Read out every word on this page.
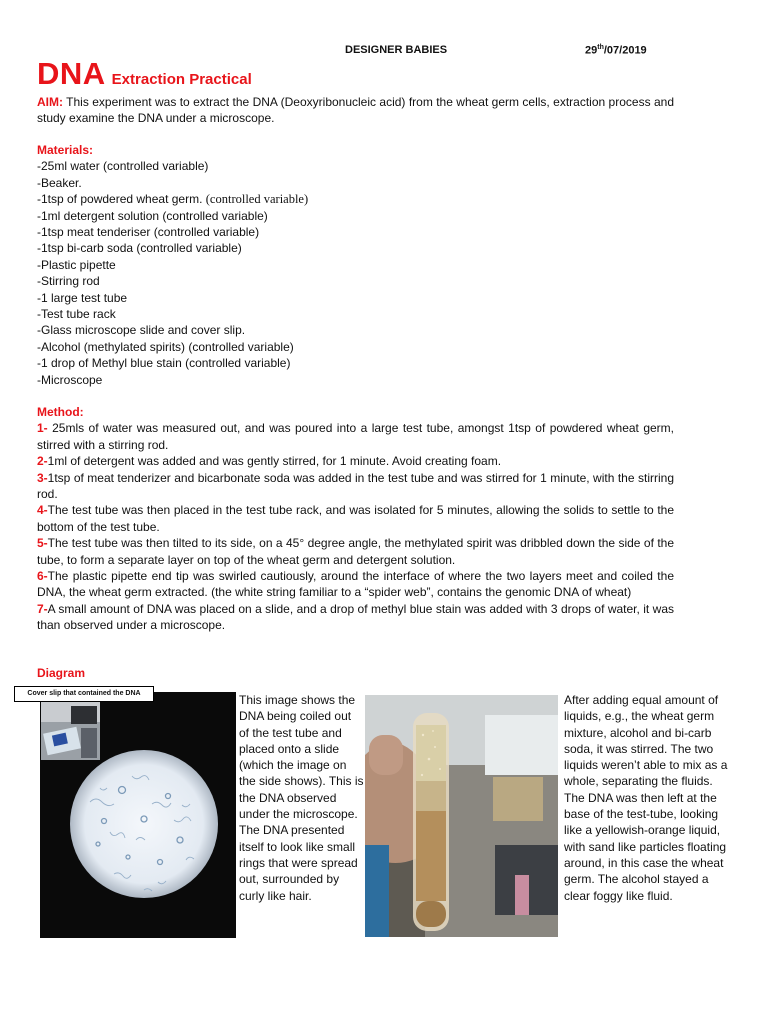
DESIGNER BABIES	29th/07/2019
DNA Extraction Practical
AIM: This experiment was to extract the DNA (Deoxyribonucleic acid) from the wheat germ cells, extraction process and study examine the DNA under a microscope.
Materials:
-25ml water (controlled variable)
-Beaker.
-1tsp of powdered wheat germ. (controlled variable)
-1ml detergent solution (controlled variable)
-1tsp meat tenderiser (controlled variable)
-1tsp bi-carb soda (controlled variable)
-Plastic pipette
-Stirring rod
-1 large test tube
-Test tube rack
-Glass microscope slide and cover slip.
-Alcohol (methylated spirits) (controlled variable)
-1 drop of Methyl blue stain (controlled variable)
-Microscope
Method:
1- 25mls of water was measured out, and was poured into a large test tube, amongst 1tsp of powdered wheat germ, stirred with a stirring rod.
2-1ml of detergent was added and was gently stirred, for 1 minute. Avoid creating foam.
3-1tsp of meat tenderizer and bicarbonate soda was added in the test tube and was stirred for 1 minute, with the stirring rod.
4-The test tube was then placed in the test tube rack, and was isolated for 5 minutes, allowing the solids to settle to the bottom of the test tube.
5-The test tube was then tilted to its side, on a 45° degree angle, the methylated spirit was dribbled down the side of the tube, to form a separate layer on top of the wheat germ and detergent solution.
6-The plastic pipette end tip was swirled cautiously, around the interface of where the two layers meet and coiled the DNA, the wheat germ extracted. (the white string familiar to a “spider web”, contains the genomic DNA of wheat)
7-A small amount of DNA was placed on a slide, and a drop of methyl blue stain was added with 3 drops of water, it was than observed under a microscope.
Diagram
Cover slip that contained the DNA	This image shows the DNA being coiled out of the test tube and placed onto a slide (which the image on the side shows). This is the DNA observed under the microscope. The DNA presented itself to look like small rings that were spread out, surrounded by curly like hair.
After adding equal amount of liquids, e.g., the wheat germ mixture, alcohol and bi-carb soda, it was stirred. The two liquids weren’t able to mix as a whole, separating the fluids. The DNA was then left at the base of the test-tube, looking like a yellowish-orange liquid, with sand like particles floating around, in this case the wheat germ. The alcohol stayed a clear foggy like fluid.
